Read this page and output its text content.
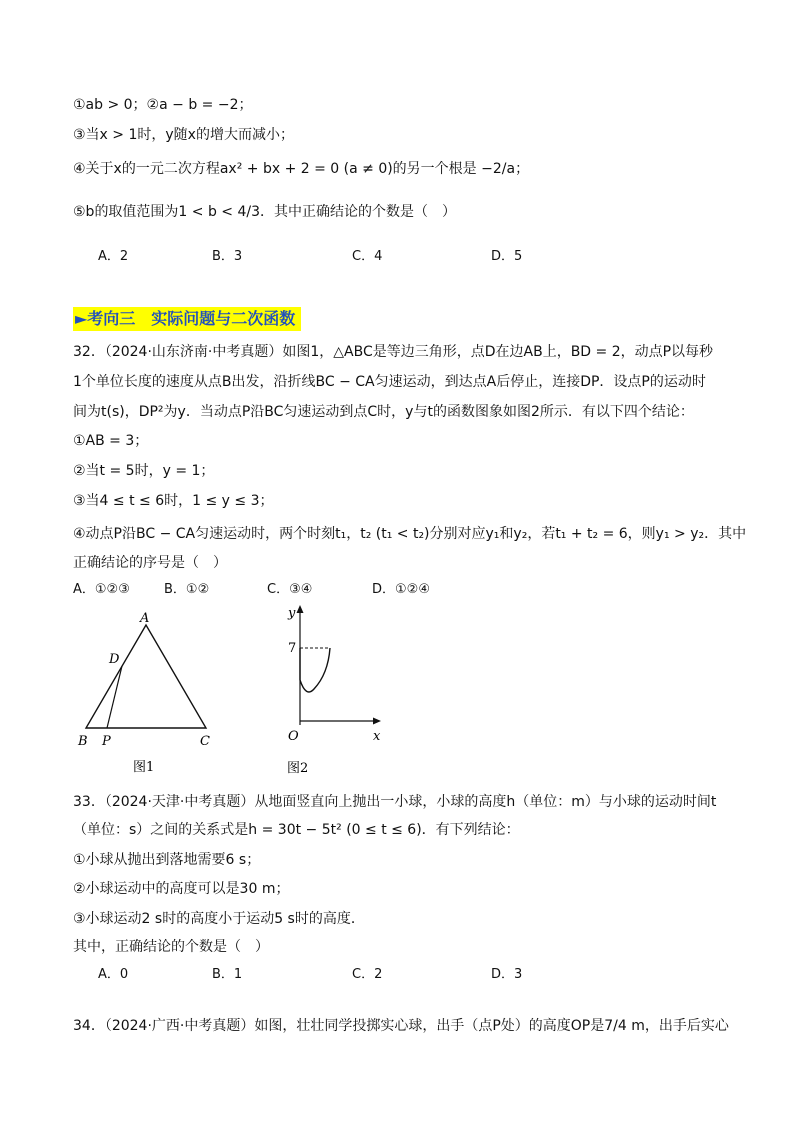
①ab > 0；②a − b = −2；
③当x > 1时，y随x的增大而减小；
④关于x的一元二次方程ax² + bx + 2 = 0 (a ≠ 0)的另一个根是 −2/a；
⑤b的取值范围为1 < b < 4/3．其中正确结论的个数是（　）
A．2	B．3	C．4	D．5
►考向三　实际问题与二次函数
32．（2024·山东济南·中考真题）如图1，△ABC是等边三角形，点D在边AB上，BD = 2，动点P以每秒
1个单位长度的速度从点B出发，沿折线BC − CA匀速运动，到达点A后停止，连接DP．设点P的运动时
间为t(s)，DP²为y．当动点P沿BC匀速运动到点C时，y与t的函数图象如图2所示．有以下四个结论：
①AB = 3；
②当t = 5时，y = 1；
③当4 ≤ t ≤ 6时，1 ≤ y ≤ 3；
④动点P沿BC − CA匀速运动时，两个时刻t₁，t₂ (t₁ < t₂)分别对应y₁和y₂，若t₁ + t₂ = 6，则y₁ > y₂．其中
正确结论的序号是（　）
A．①②③	B．①②	C．③④	D．①②④
A
D
B P	C
图1
y
x
O
7
图2
33．（2024·天津·中考真题）从地面竖直向上抛出一小球，小球的高度h（单位：m）与小球的运动时间t
（单位：s）之间的关系式是h = 30t − 5t² (0 ≤ t ≤ 6)．有下列结论：
①小球从抛出到落地需要6 s；
②小球运动中的高度可以是30 m；
③小球运动2 s时的高度小于运动5 s时的高度．
其中，正确结论的个数是（　）
A．0	B．1	C．2	D．3
34．（2024·广西·中考真题）如图，壮壮同学投掷实心球，出手（点P处）的高度OP是7/4 m，出手后实心
